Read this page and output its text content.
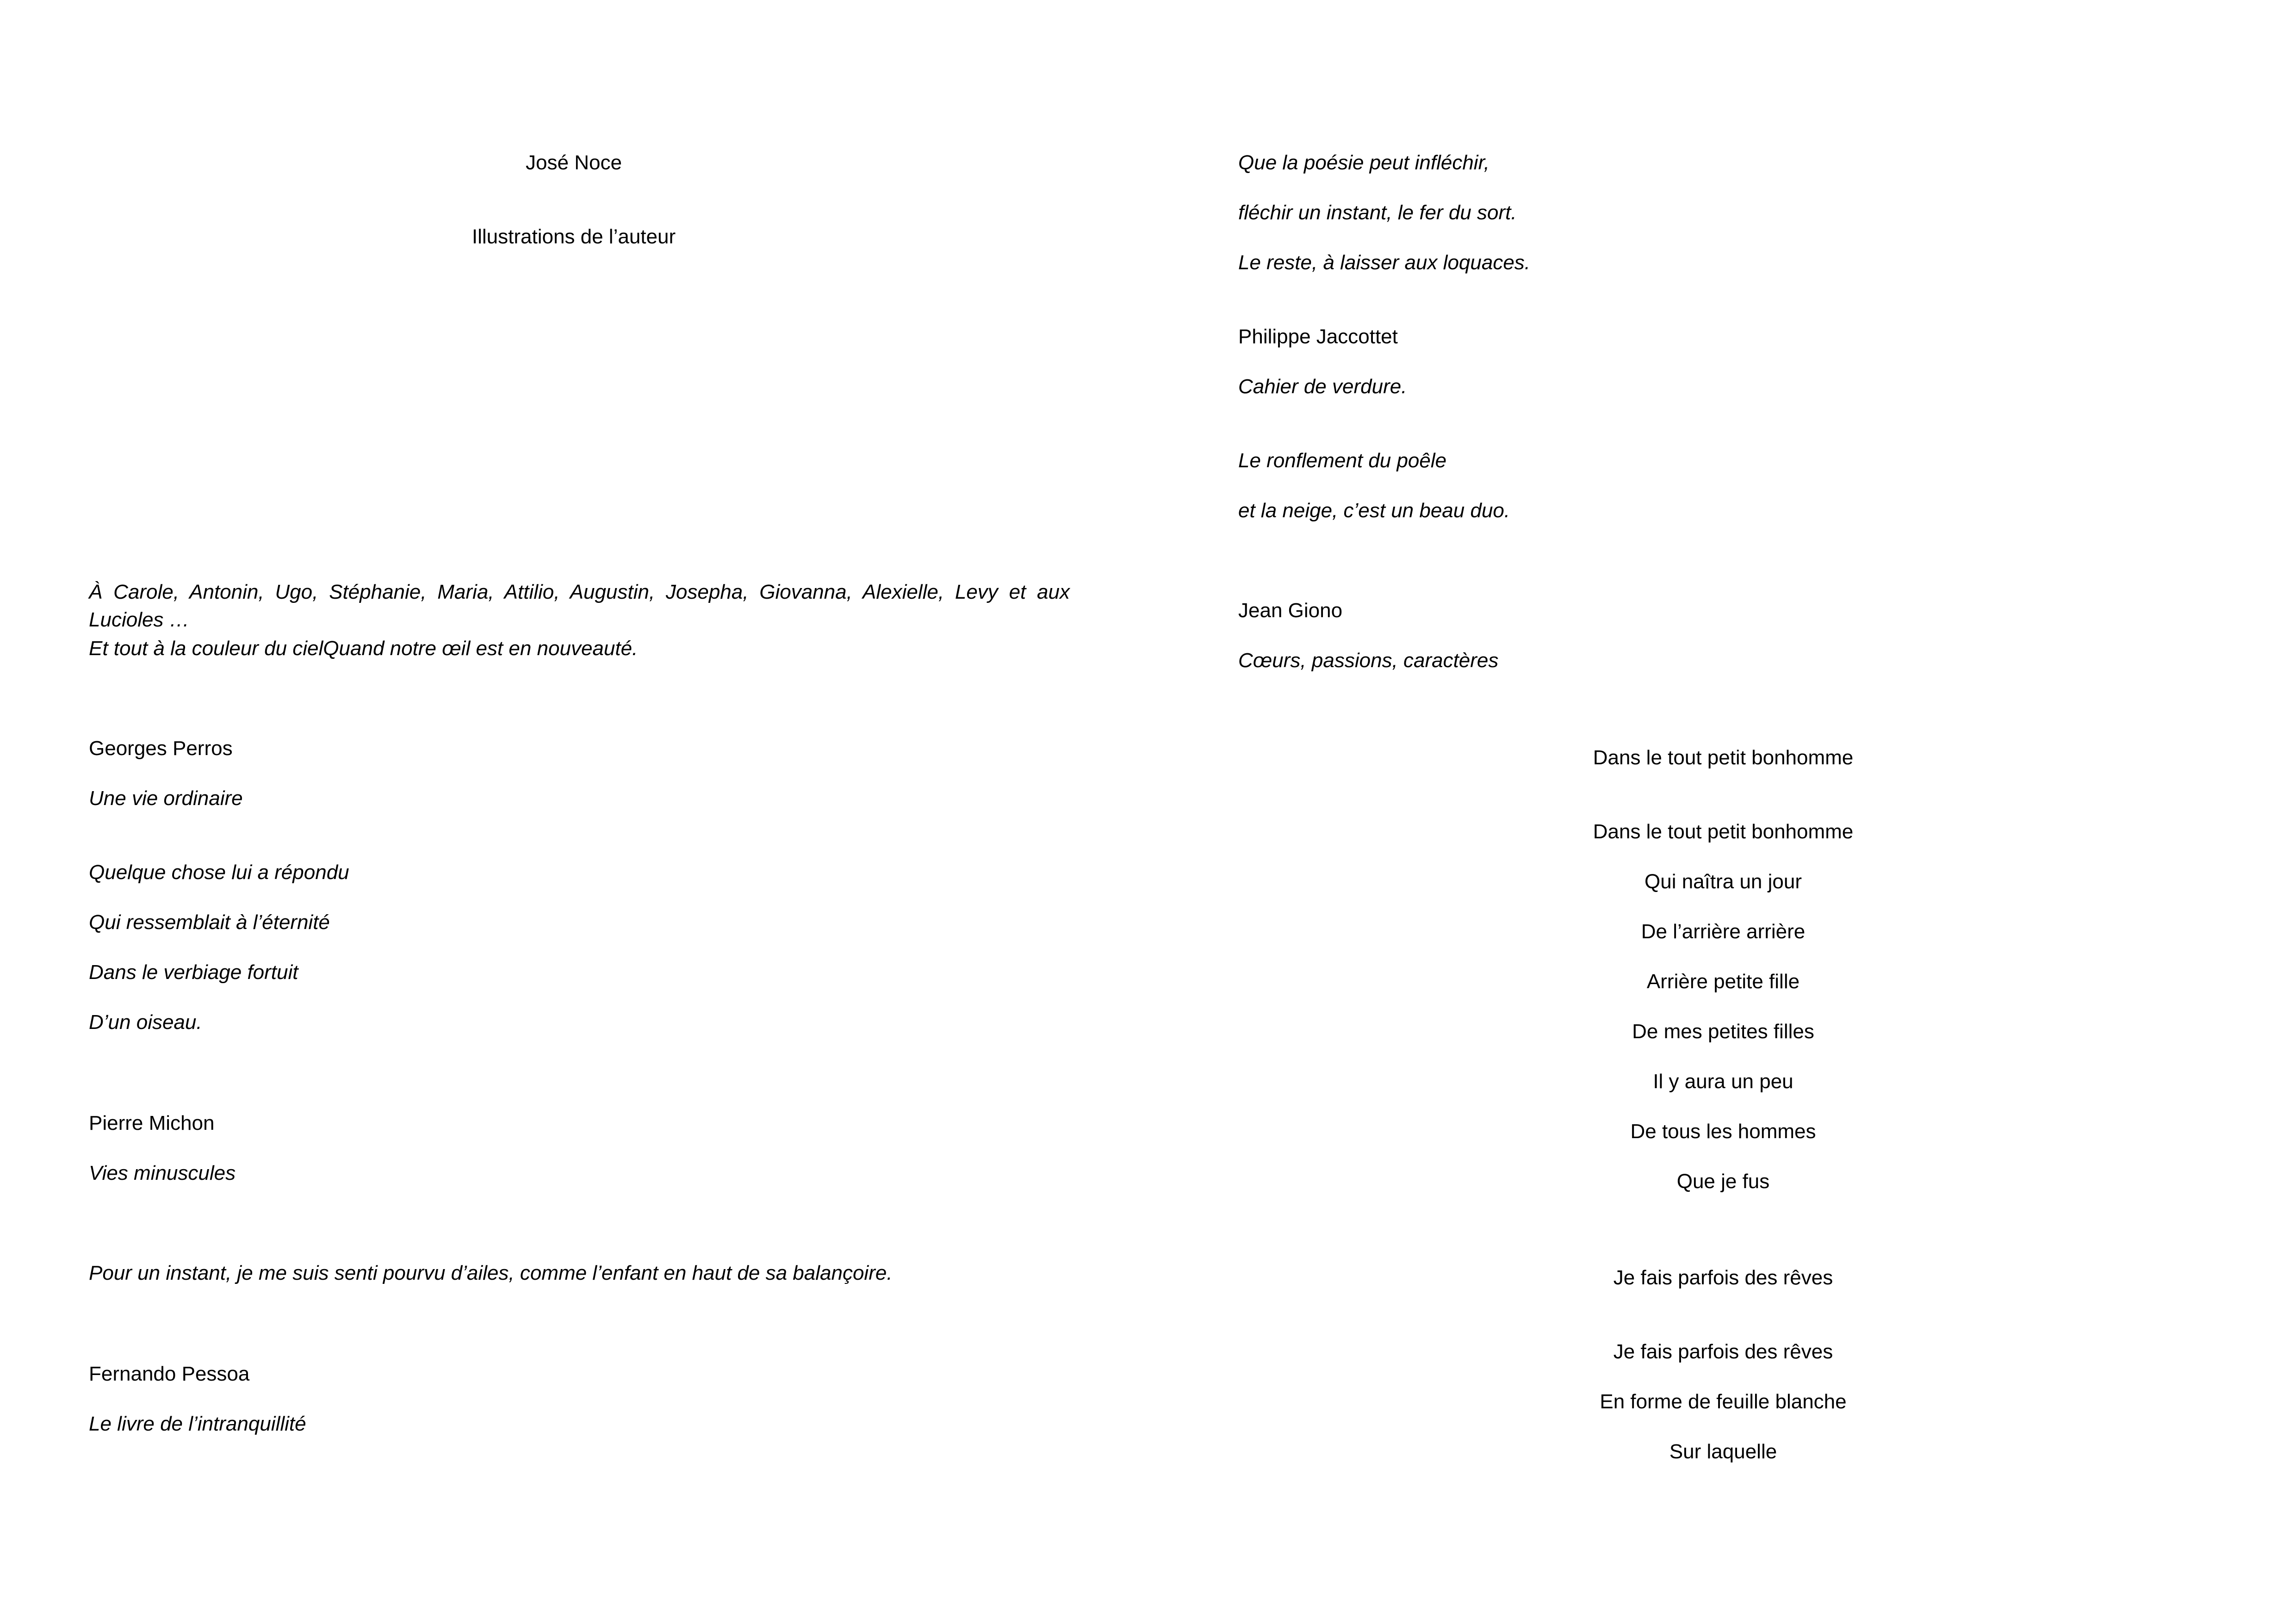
José Noce

Illustrations de l’auteur

À Carole, Antonin, Ugo, Stéphanie, Maria, Attilio, Augustin, Josepha, Giovanna, Alexielle, Levy et aux Lucioles …

Et tout à la couleur du cielQuand notre œil est en nouveauté.

Georges Perros

Une vie ordinaire

Quelque chose lui a répondu

Qui ressemblait à l’éternité

Dans le verbiage fortuit

D’un oiseau.

Pierre Michon

Vies minuscules

Pour un instant, je me suis senti pourvu d’ailes, comme l’enfant en haut de sa balançoire.

Fernando Pessoa

Le livre de l’intranquillité

Que la poésie peut infléchir,

fléchir un instant, le fer du sort.

Le reste, à laisser aux loquaces.

Philippe Jaccottet

Cahier de verdure.

Le ronflement du poêle

et la neige, c’est un beau duo.

Jean Giono

Cœurs, passions, caractères

Dans le tout petit bonhomme

Dans le tout petit bonhomme

Qui naîtra un jour

De l’arrière arrière

Arrière petite fille

De mes petites filles

Il y aura un peu

De tous les hommes

Que je fus

Je fais parfois des rêves

Je fais parfois des rêves

En forme de feuille blanche

Sur laquelle
